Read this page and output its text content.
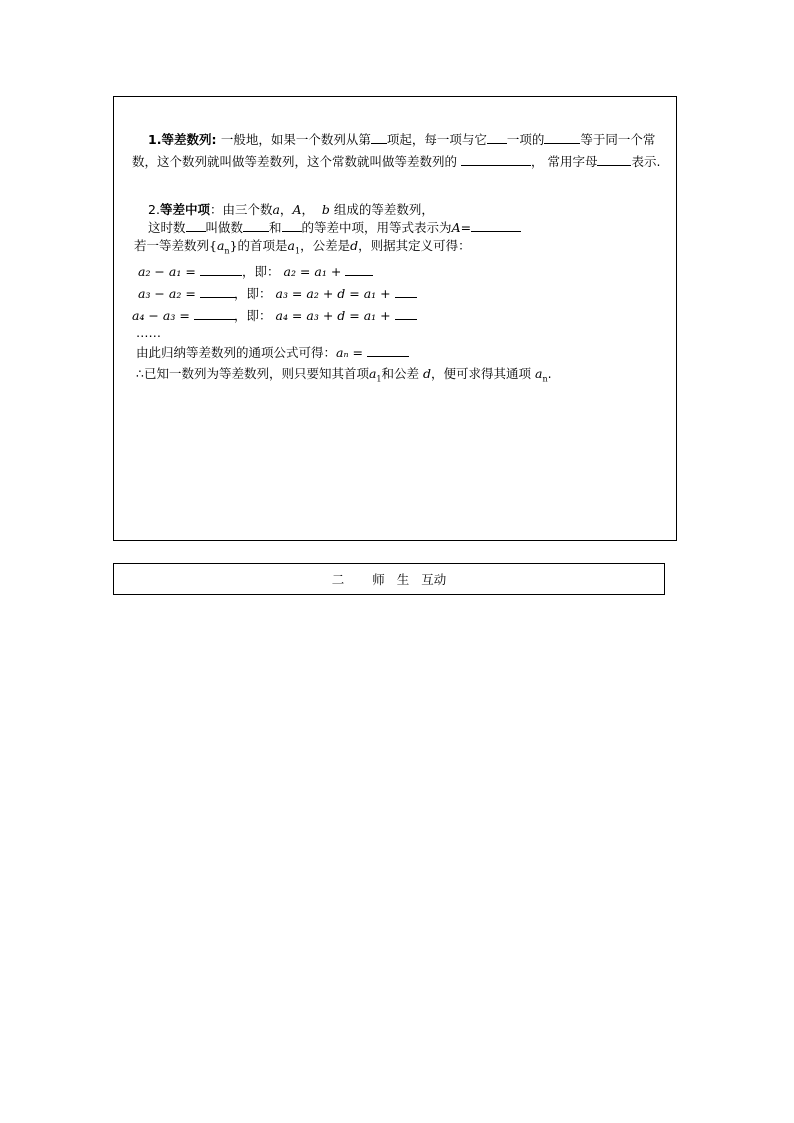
1.等差数列: 一般地，如果一个数列从第 项起，每一项与它 一项的	等于同一个常数，这个数列就叫做等差数列，这个常数就叫做等差数列的	， 常用字母	表示.
2.等差中项：由三个数a，A，  b 组成的等差数列，
这时数 叫做数 和 的等差中项，用等式表示为A=
若一等差数列$\{a_n\}$的首项是$a_1$，公差是d，则据其定义可得：
a₂ − a₁ =	，即： a₂ = a₁ +
a₃ − a₂ =	，即： a₃ = a₂ + d = a₁ +
a₄ − a₃ =	，即： a₄ = a₃ + d = a₁ +
……
由此归纳等差数列的通项公式可得：aₙ =
∴已知一数列为等差数列，则只要知其首项$a_1$和公差 d，便可求得其通项 $a_n$.
二 师 生 互动
